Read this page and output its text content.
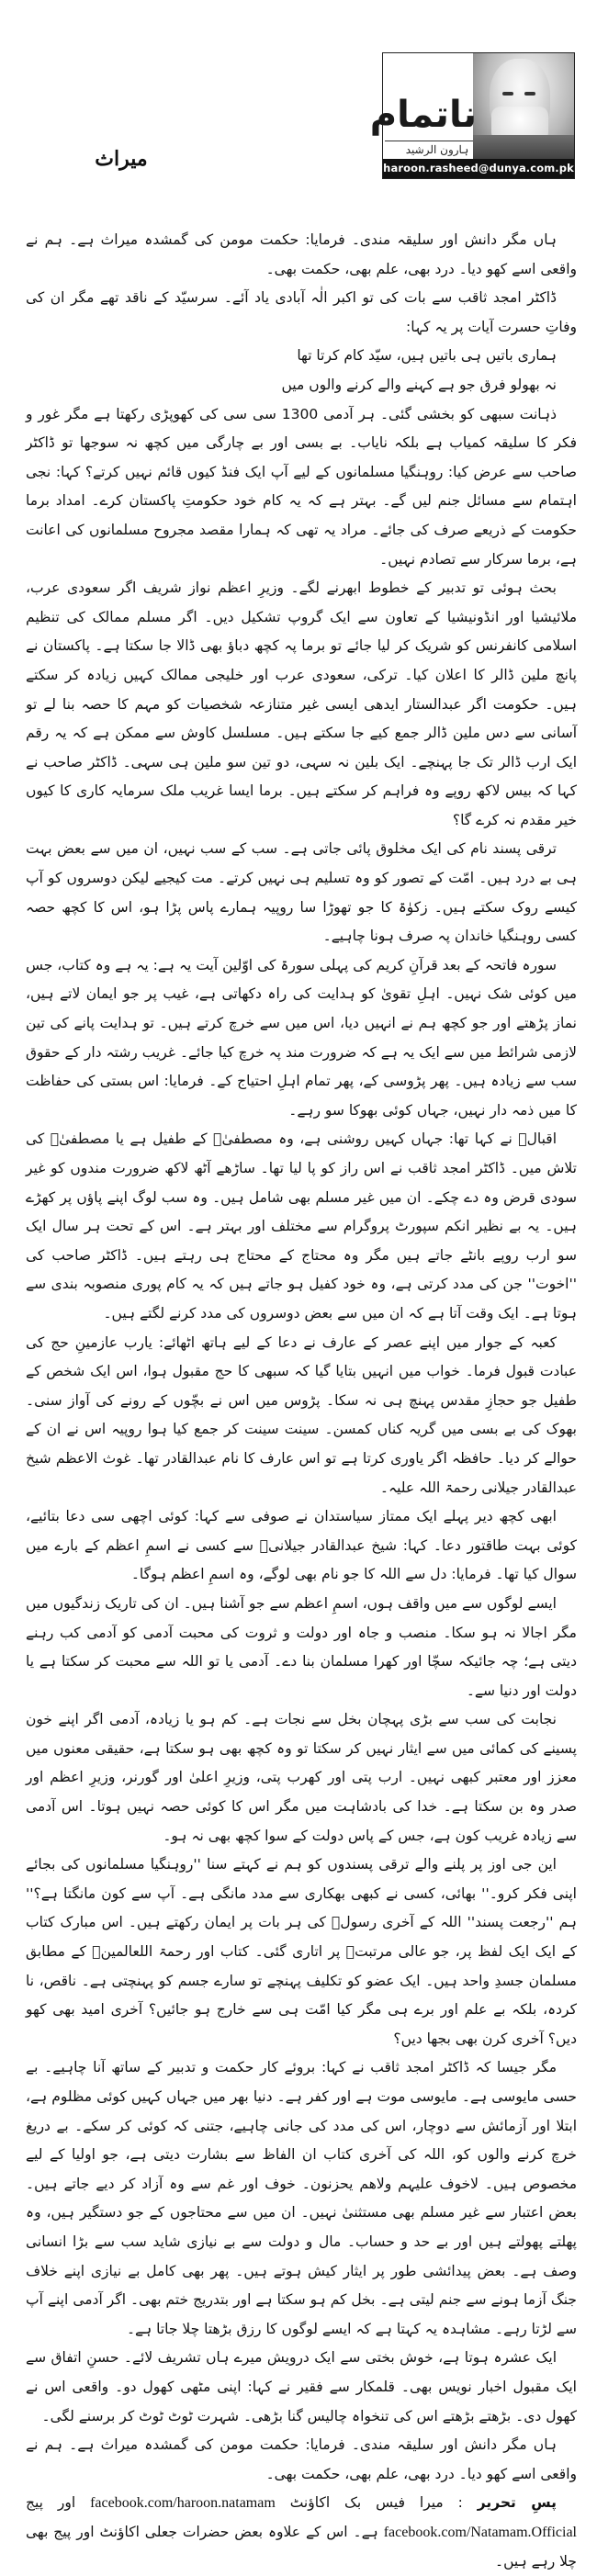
ناتمام
ہارون الرشید
haroon.rasheed@dunya.com.pk
میراث

ہاں مگر دانش اور سلیقہ مندی۔ فرمایا: حکمت مومن کی گمشدہ میراث ہے۔ ہم نے واقعی اسے کھو دیا۔ درد بھی، علم بھی، حکمت بھی۔

ڈاکٹر امجد ثاقب سے بات کی تو اکبر الٰہ آبادی یاد آئے۔ سرسیّد کے ناقد تھے مگر ان کی وفاتِ حسرت آیات پر یہ کہا:

ہماری باتیں ہی باتیں ہیں، سیّد کام کرتا تھا
نہ بھولو فرق جو ہے کہنے والے کرنے والوں میں

ذہانت سبھی کو بخشی گئی۔ ہر آدمی 1300 سی سی کی کھوپڑی رکھتا ہے مگر غور و فکر کا سلیقہ کمیاب ہے بلکہ نایاب۔ بے بسی اور بے چارگی میں کچھ نہ سوجھا تو ڈاکٹر صاحب سے عرض کیا: روہنگیا مسلمانوں کے لیے آپ ایک فنڈ کیوں قائم نہیں کرتے؟ کہا: نجی اہتمام سے مسائل جنم لیں گے۔ بہتر ہے کہ یہ کام خود حکومتِ پاکستان کرے۔ امداد برما حکومت کے ذریعے صرف کی جائے۔ مراد یہ تھی کہ ہمارا مقصد مجروح مسلمانوں کی اعانت ہے، برما سرکار سے تصادم نہیں۔

بحث ہوئی تو تدبیر کے خطوط ابھرنے لگے۔ وزیرِ اعظم نواز شریف اگر سعودی عرب، ملائیشیا اور انڈونیشیا کے تعاون سے ایک گروپ تشکیل دیں۔ اگر مسلم ممالک کی تنظیم اسلامی کانفرنس کو شریک کر لیا جائے تو برما پہ کچھ دباؤ بھی ڈالا جا سکتا ہے۔ پاکستان نے پانچ ملین ڈالر کا اعلان کیا۔ ترکی، سعودی عرب اور خلیجی ممالک کہیں زیادہ کر سکتے ہیں۔ حکومت اگر عبدالستار ایدھی ایسی غیر متنازعہ شخصیات کو مہم کا حصہ بنا لے تو آسانی سے دس ملین ڈالر جمع کیے جا سکتے ہیں۔ مسلسل کاوش سے ممکن ہے کہ یہ رقم ایک ارب ڈالر تک جا پہنچے۔ ایک بلین نہ سہی، دو تین سو ملین ہی سہی۔ ڈاکٹر صاحب نے کہا کہ بیس لاکھ روپے وہ فراہم کر سکتے ہیں۔ برما ایسا غریب ملک سرمایہ کاری کا کیوں خیر مقدم نہ کرے گا؟

ترقی پسند نام کی ایک مخلوق پائی جاتی ہے۔ سب کے سب نہیں، ان میں سے بعض بہت ہی بے درد ہیں۔ امّت کے تصور کو وہ تسلیم ہی نہیں کرتے۔ مت کیجیے لیکن دوسروں کو آپ کیسے روک سکتے ہیں۔ زکوٰۃ کا جو تھوڑا سا روپیہ ہمارے پاس پڑا ہو، اس کا کچھ حصہ کسی روہنگیا خاندان پہ صرف ہونا چاہیے۔

سورہ فاتحہ کے بعد قرآنِ کریم کی پہلی سورۃ کی اوّلین آیت یہ ہے: یہ ہے وہ کتاب، جس میں کوئی شک نہیں۔ اہلِ تقویٰ کو ہدایت کی راہ دکھاتی ہے، غیب پر جو ایمان لاتے ہیں، نماز پڑھتے اور جو کچھ ہم نے انہیں دیا، اس میں سے خرچ کرتے ہیں۔ تو ہدایت پانے کی تین لازمی شرائط میں سے ایک یہ ہے کہ ضرورت مند پہ خرچ کیا جائے۔ غریب رشتہ دار کے حقوق سب سے زیادہ ہیں۔ پھر پڑوسی کے، پھر تمام اہلِ احتیاج کے۔ فرمایا: اس بستی کی حفاظت کا میں ذمہ دار نہیں، جہاں کوئی بھوکا سو رہے۔

اقبالؔ نے کہا تھا: جہاں کہیں روشنی ہے، وہ مصطفیٰؐ کے طفیل ہے یا مصطفیٰؐ کی تلاش میں۔ ڈاکٹر امجد ثاقب نے اس راز کو پا لیا تھا۔ ساڑھے آٹھ لاکھ ضرورت مندوں کو غیر سودی قرض وہ دے چکے۔ ان میں غیر مسلم بھی شامل ہیں۔ وہ سب لوگ اپنے پاؤں پر کھڑے ہیں۔ یہ بے نظیر انکم سپورٹ پروگرام سے مختلف اور بہتر ہے۔ اس کے تحت ہر سال ایک سو ارب روپے بانٹے جاتے ہیں مگر وہ محتاج کے محتاج ہی رہتے ہیں۔ ڈاکٹر صاحب کی ''اخوت'' جن کی مدد کرتی ہے، وہ خود کفیل ہو جاتے ہیں کہ یہ کام پوری منصوبہ بندی سے ہوتا ہے۔ ایک وقت آتا ہے کہ ان میں سے بعض دوسروں کی مدد کرنے لگتے ہیں۔

کعبہ کے جوار میں اپنے عصر کے عارف نے دعا کے لیے ہاتھ اٹھائے: یارب عازمینِ حج کی عبادت قبول فرما۔ خواب میں انہیں بتایا گیا کہ سبھی کا حج مقبول ہوا، اس ایک شخص کے طفیل جو حجازِ مقدس پہنچ ہی نہ سکا۔ پڑوس میں اس نے بچّوں کے رونے کی آواز سنی۔ بھوک کی بے بسی میں گریہ کناں کمسن۔ سینت سینت کر جمع کیا ہوا روپیہ اس نے ان کے حوالے کر دیا۔ حافظہ اگر یاوری کرتا ہے تو اس عارف کا نام عبدالقادر تھا۔ غوث الاعظم شیخ عبدالقادر جیلانی رحمۃ اللہ علیہ۔

ابھی کچھ دیر پہلے ایک ممتاز سیاستدان نے صوفی سے کہا: کوئی اچھی سی دعا بتائیے، کوئی بہت طاقتور دعا۔ کہا: شیخ عبدالقادر جیلانیؒ سے کسی نے اسمِ اعظم کے بارے میں سوال کیا تھا۔ فرمایا: دل سے اللہ کا جو نام بھی لوگے، وہ اسمِ اعظم ہوگا۔

ایسے لوگوں سے میں واقف ہوں، اسمِ اعظم سے جو آشنا ہیں۔ ان کی تاریک زندگیوں میں مگر اجالا نہ ہو سکا۔ منصب و جاہ اور دولت و ثروت کی محبت آدمی کو آدمی کب رہنے دیتی ہے؛ چہ جائیکہ سچّا اور کھرا مسلمان بنا دے۔ آدمی یا تو اللہ سے محبت کر سکتا ہے یا دولت اور دنیا سے۔

نجابت کی سب سے بڑی پہچان بخل سے نجات ہے۔ کم ہو یا زیادہ، آدمی اگر اپنے خون پسینے کی کمائی میں سے ایثار نہیں کر سکتا تو وہ کچھ بھی ہو سکتا ہے، حقیقی معنوں میں معزز اور معتبر کبھی نہیں۔ ارب پتی اور کھرب پتی، وزیرِ اعلیٰ اور گورنر، وزیرِ اعظم اور صدر وہ بن سکتا ہے۔ خدا کی بادشاہت میں مگر اس کا کوئی حصہ نہیں ہوتا۔ اس آدمی سے زیادہ غریب کون ہے، جس کے پاس دولت کے سوا کچھ بھی نہ ہو۔

این جی اوز پر پلنے والے ترقی پسندوں کو ہم نے کہتے سنا ''روہنگیا مسلمانوں کی بجائے اپنی فکر کرو۔'' بھائی، کسی نے کبھی بھکاری سے مدد مانگی ہے۔ آپ سے کون مانگتا ہے؟'' ہم ''رجعت پسند'' اللہ کے آخری رسولؐ کی ہر بات پر ایمان رکھتے ہیں۔ اس مبارک کتاب کے ایک ایک لفظ پر، جو عالی مرتبتؐ پر اتاری گئی۔ کتاب اور رحمۃ اللعالمینؐ کے مطابق مسلمان جسدِ واحد ہیں۔ ایک عضو کو تکلیف پہنچے تو سارے جسم کو پہنچتی ہے۔ ناقص، نا کردہ، بلکہ بے علم اور برے ہی مگر کیا امّت ہی سے خارج ہو جائیں؟ آخری امید بھی کھو دیں؟ آخری کرن بھی بجھا دیں؟

مگر جیسا کہ ڈاکٹر امجد ثاقب نے کہا: بروئے کار حکمت و تدبیر کے ساتھ آنا چاہیے۔ بے حسی مایوسی ہے۔ مایوسی موت ہے اور کفر ہے۔ دنیا بھر میں جہاں کہیں کوئی مظلوم ہے، ابتلا اور آزمائش سے دوچار، اس کی مدد کی جانی چاہیے، جتنی کہ کوئی کر سکے۔ بے دریغ خرچ کرنے والوں کو، اللہ کی آخری کتاب ان الفاظ سے بشارت دیتی ہے، جو اولیا کے لیے مخصوص ہیں۔ لاخوف علیہم ولاھم یحزنون۔ خوف اور غم سے وہ آزاد کر دیے جاتے ہیں۔ بعض اعتبار سے غیر مسلم بھی مستثنیٰ نہیں۔ ان میں سے محتاجوں کے جو دستگیر ہیں، وہ پھلتے پھولتے ہیں اور بے حد و حساب۔ مال و دولت سے بے نیازی شاید سب سے بڑا انسانی وصف ہے۔ بعض پیدائشی طور پر ایثار کیش ہوتے ہیں۔ پھر بھی کامل بے نیازی اپنے خلاف جنگ آزما ہونے سے جنم لیتی ہے۔ بخل کم ہو سکتا ہے اور بتدریج ختم بھی۔ اگر آدمی اپنے آپ سے لڑتا رہے۔ مشاہدہ یہ کہتا ہے کہ ایسے لوگوں کا رزق بڑھتا چلا جاتا ہے۔

ایک عشرہ ہوتا ہے، خوش بختی سے ایک درویش میرے ہاں تشریف لائے۔ حسنِ اتفاق سے ایک مقبول اخبار نویس بھی۔ قلمکار سے فقیر نے کہا: اپنی مٹھی کھول دو۔ واقعی اس نے کھول دی۔ بڑھتے بڑھتے اس کی تنخواہ چالیس گنا بڑھی۔ شہرت ٹوٹ ٹوٹ کر برسنے لگی۔

ہاں مگر دانش اور سلیقہ مندی۔ فرمایا: حکمت مومن کی گمشدہ میراث ہے۔ ہم نے واقعی اسے کھو دیا۔ درد بھی، علم بھی، حکمت بھی۔

پسِ تحریر : میرا فیس بک اکاؤنٹ facebook.com/haroon.natamam اور پیج facebook.com/Natamam.Official ہے۔ اس کے علاوہ بعض حضرات جعلی اکاؤنٹ اور پیج بھی چلا رہے ہیں۔
